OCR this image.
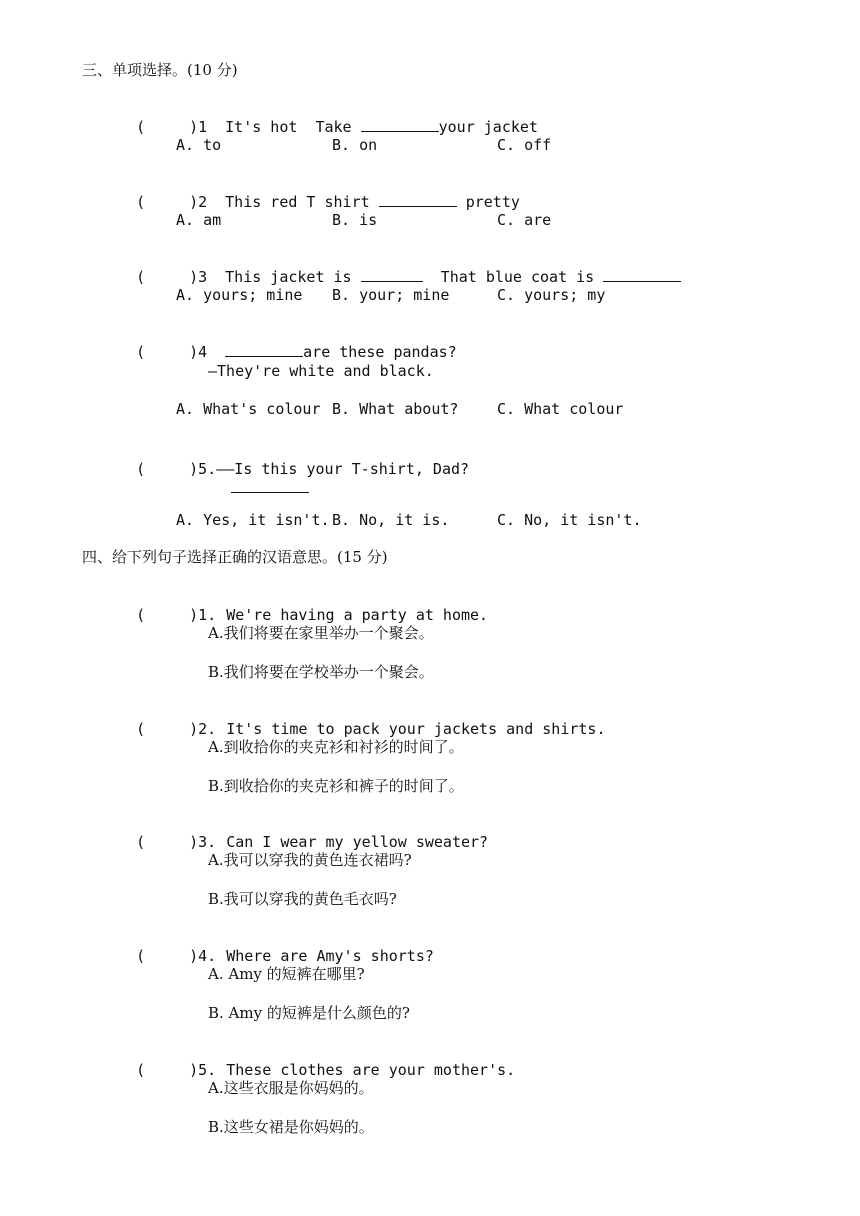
三、单项选择。(10 分)

(	)1 It's hot  Take	your jacket

A. to	B. on	C. off

(	)2 This red T shirt	pretty

A. am	B. is	C. are

(	)3 This jacket is	That blue coat is

A. yours; mine B. your; mine	C. yours; my

(	)4	are these pandas?

—They're white and black.
A. What's colour B. What about?	C. What colour

(	)5.——Is this your T-shirt, Dad?

A. Yes, it isn't. B. No, it is.	C. No, it isn't.
四、给下列句子选择正确的汉语意思。(15 分)

(	)1. We're having a party at home.

A.我们将要在家里举办一个聚会。
B.我们将要在学校举办一个聚会。

(	)2. It's time to pack your jackets and shirts.

A.到收拾你的夹克衫和衬衫的时间了。
B.到收拾你的夹克衫和裤子的时间了。

(	)3. Can I wear my yellow sweater?

A.我可以穿我的黄色连衣裙吗?
B.我可以穿我的黄色毛衣吗?

(	)4. Where are Amy's shorts?

A. Amy 的短裤在哪里?
B. Amy 的短裤是什么颜色的?

(	)5. These clothes are your mother's.

A.这些衣服是你妈妈的。
B.这些女裙是你妈妈的。
